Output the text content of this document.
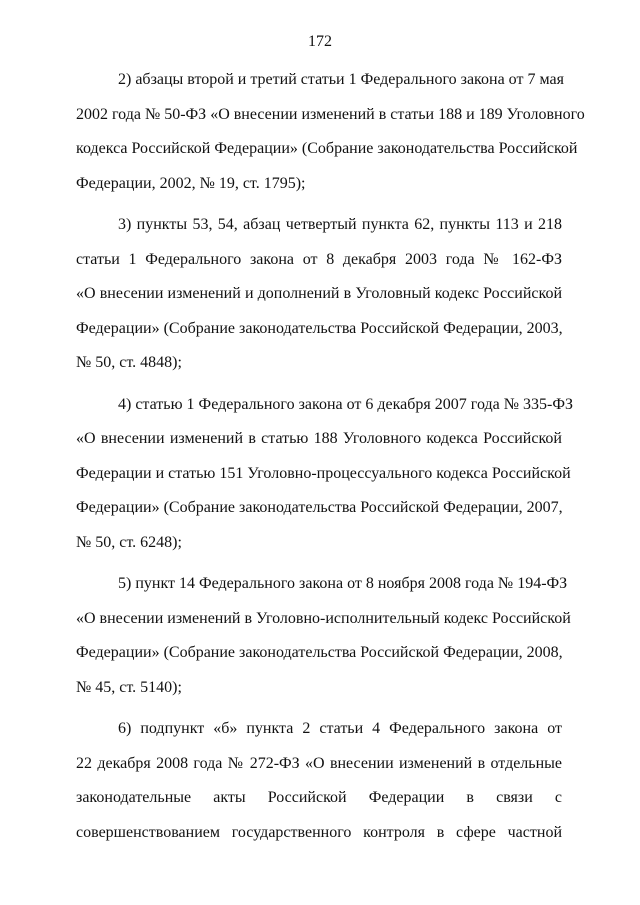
172
2) абзацы второй и третий статьи 1 Федерального закона от 7 мая
2002 года № 50-ФЗ «О внесении изменений в статьи 188 и 189 Уголовного
кодекса Российской Федерации» (Собрание законодательства Российской
Федерации, 2002, № 19, ст. 1795);
3) пункты 53, 54, абзац четвертый пункта 62, пункты 113 и 218
статьи 1 Федерального закона от 8 декабря 2003 года № 162-ФЗ
«О внесении изменений и дополнений в Уголовный кодекс Российской
Федерации» (Собрание законодательства Российской Федерации, 2003,
№ 50, ст. 4848);
4) статью 1 Федерального закона от 6 декабря 2007 года № 335-ФЗ
«О внесении изменений в статью 188 Уголовного кодекса Российской
Федерации и статью 151 Уголовно-процессуального кодекса Российской
Федерации» (Собрание законодательства Российской Федерации, 2007,
№ 50, ст. 6248);
5) пункт 14 Федерального закона от 8 ноября 2008 года № 194-ФЗ
«О внесении изменений в Уголовно-исполнительный кодекс Российской
Федерации» (Собрание законодательства Российской Федерации, 2008,
№ 45, ст. 5140);
6) подпункт «б» пункта 2 статьи 4 Федерального закона от
22 декабря 2008 года № 272-ФЗ «О внесении изменений в отдельные
законодательные акты Российской Федерации в связи с
совершенствованием государственного контроля в сфере частной
